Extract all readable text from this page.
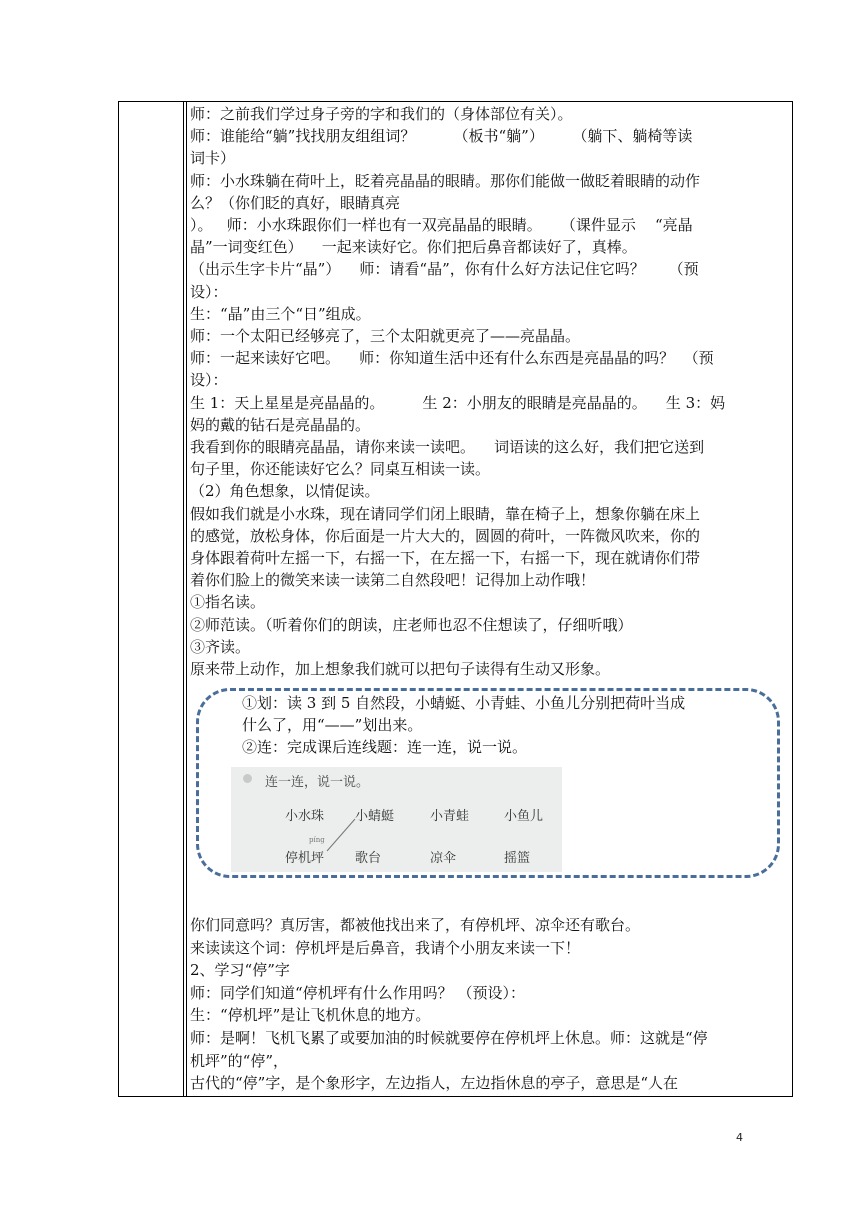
师：之前我们学过身子旁的字和我们的（身体部位有关）。

师：谁能给“躺”找找朋友组组词？        （板书“躺”）      （躺下、躺椅等读

词卡）

师：小水珠躺在荷叶上，眨着亮晶晶的眼睛。那你们能做一做眨着眼睛的动作

么？（你们眨的真好，眼睛真亮

）。   师：小水珠跟你们一样也有一双亮晶晶的眼睛。    （课件显示    “亮晶

晶”一词变红色）    一起来读好它。你们把后鼻音都读好了，真棒。

（出示生字卡片“晶”）    师：请看“晶”，你有什么好方法记住它吗？     （预

设）：

生：“晶”由三个“日”组成。

师：一个太阳已经够亮了，三个太阳就更亮了——亮晶晶。

师：一起来读好它吧。    师：你知道生活中还有什么东西是亮晶晶的吗？  （预

设）：

生 1：天上星星是亮晶晶的。        生 2：小朋友的眼睛是亮晶晶的。    生 3：妈

妈的戴的钻石是亮晶晶的。

我看到你的眼睛亮晶晶，请你来读一读吧。    词语读的这么好，我们把它送到

句子里，你还能读好它么？同桌互相读一读。

（2）角色想象，以情促读。

假如我们就是小水珠，现在请同学们闭上眼睛，靠在椅子上，想象你躺在床上

的感觉，放松身体，你后面是一片大大的，圆圆的荷叶，一阵微风吹来，你的

身体跟着荷叶左摇一下，右摇一下，在左摇一下，右摇一下，现在就请你们带

着你们脸上的微笑来读一读第二自然段吧！记得加上动作哦！

①指名读。

②师范读。（听着你们的朗读，庄老师也忍不住想读了，仔细听哦）

③齐读。

原来带上动作，加上想象我们就可以把句子读得有生动又形象。

①划：读 3 到 5 自然段，小蜻蜓、小青蛙、小鱼儿分别把荷叶当成

什么了，用“——”划出来。

②连：完成课后连线题：连一连，说一说。

连一连，说一说。
小水珠 小蜻蜓	小青蛙	小鱼儿
píng
停机坪 歌台	凉伞	摇篮

你们同意吗？真厉害，都被他找出来了，有停机坪、凉伞还有歌台。

来读读这个词：停机坪是后鼻音，我请个小朋友来读一下！

2、学习“停”字

师：同学们知道“停机坪有什么作用吗？ （预设）：

生：“停机坪”是让飞机休息的地方。

师：是啊！飞机飞累了或要加油的时候就要停在停机坪上休息。师：这就是“停

机坪”的“停”，

古代的“停”字，是个象形字，左边指人，左边指休息的亭子，意思是“人在

4
